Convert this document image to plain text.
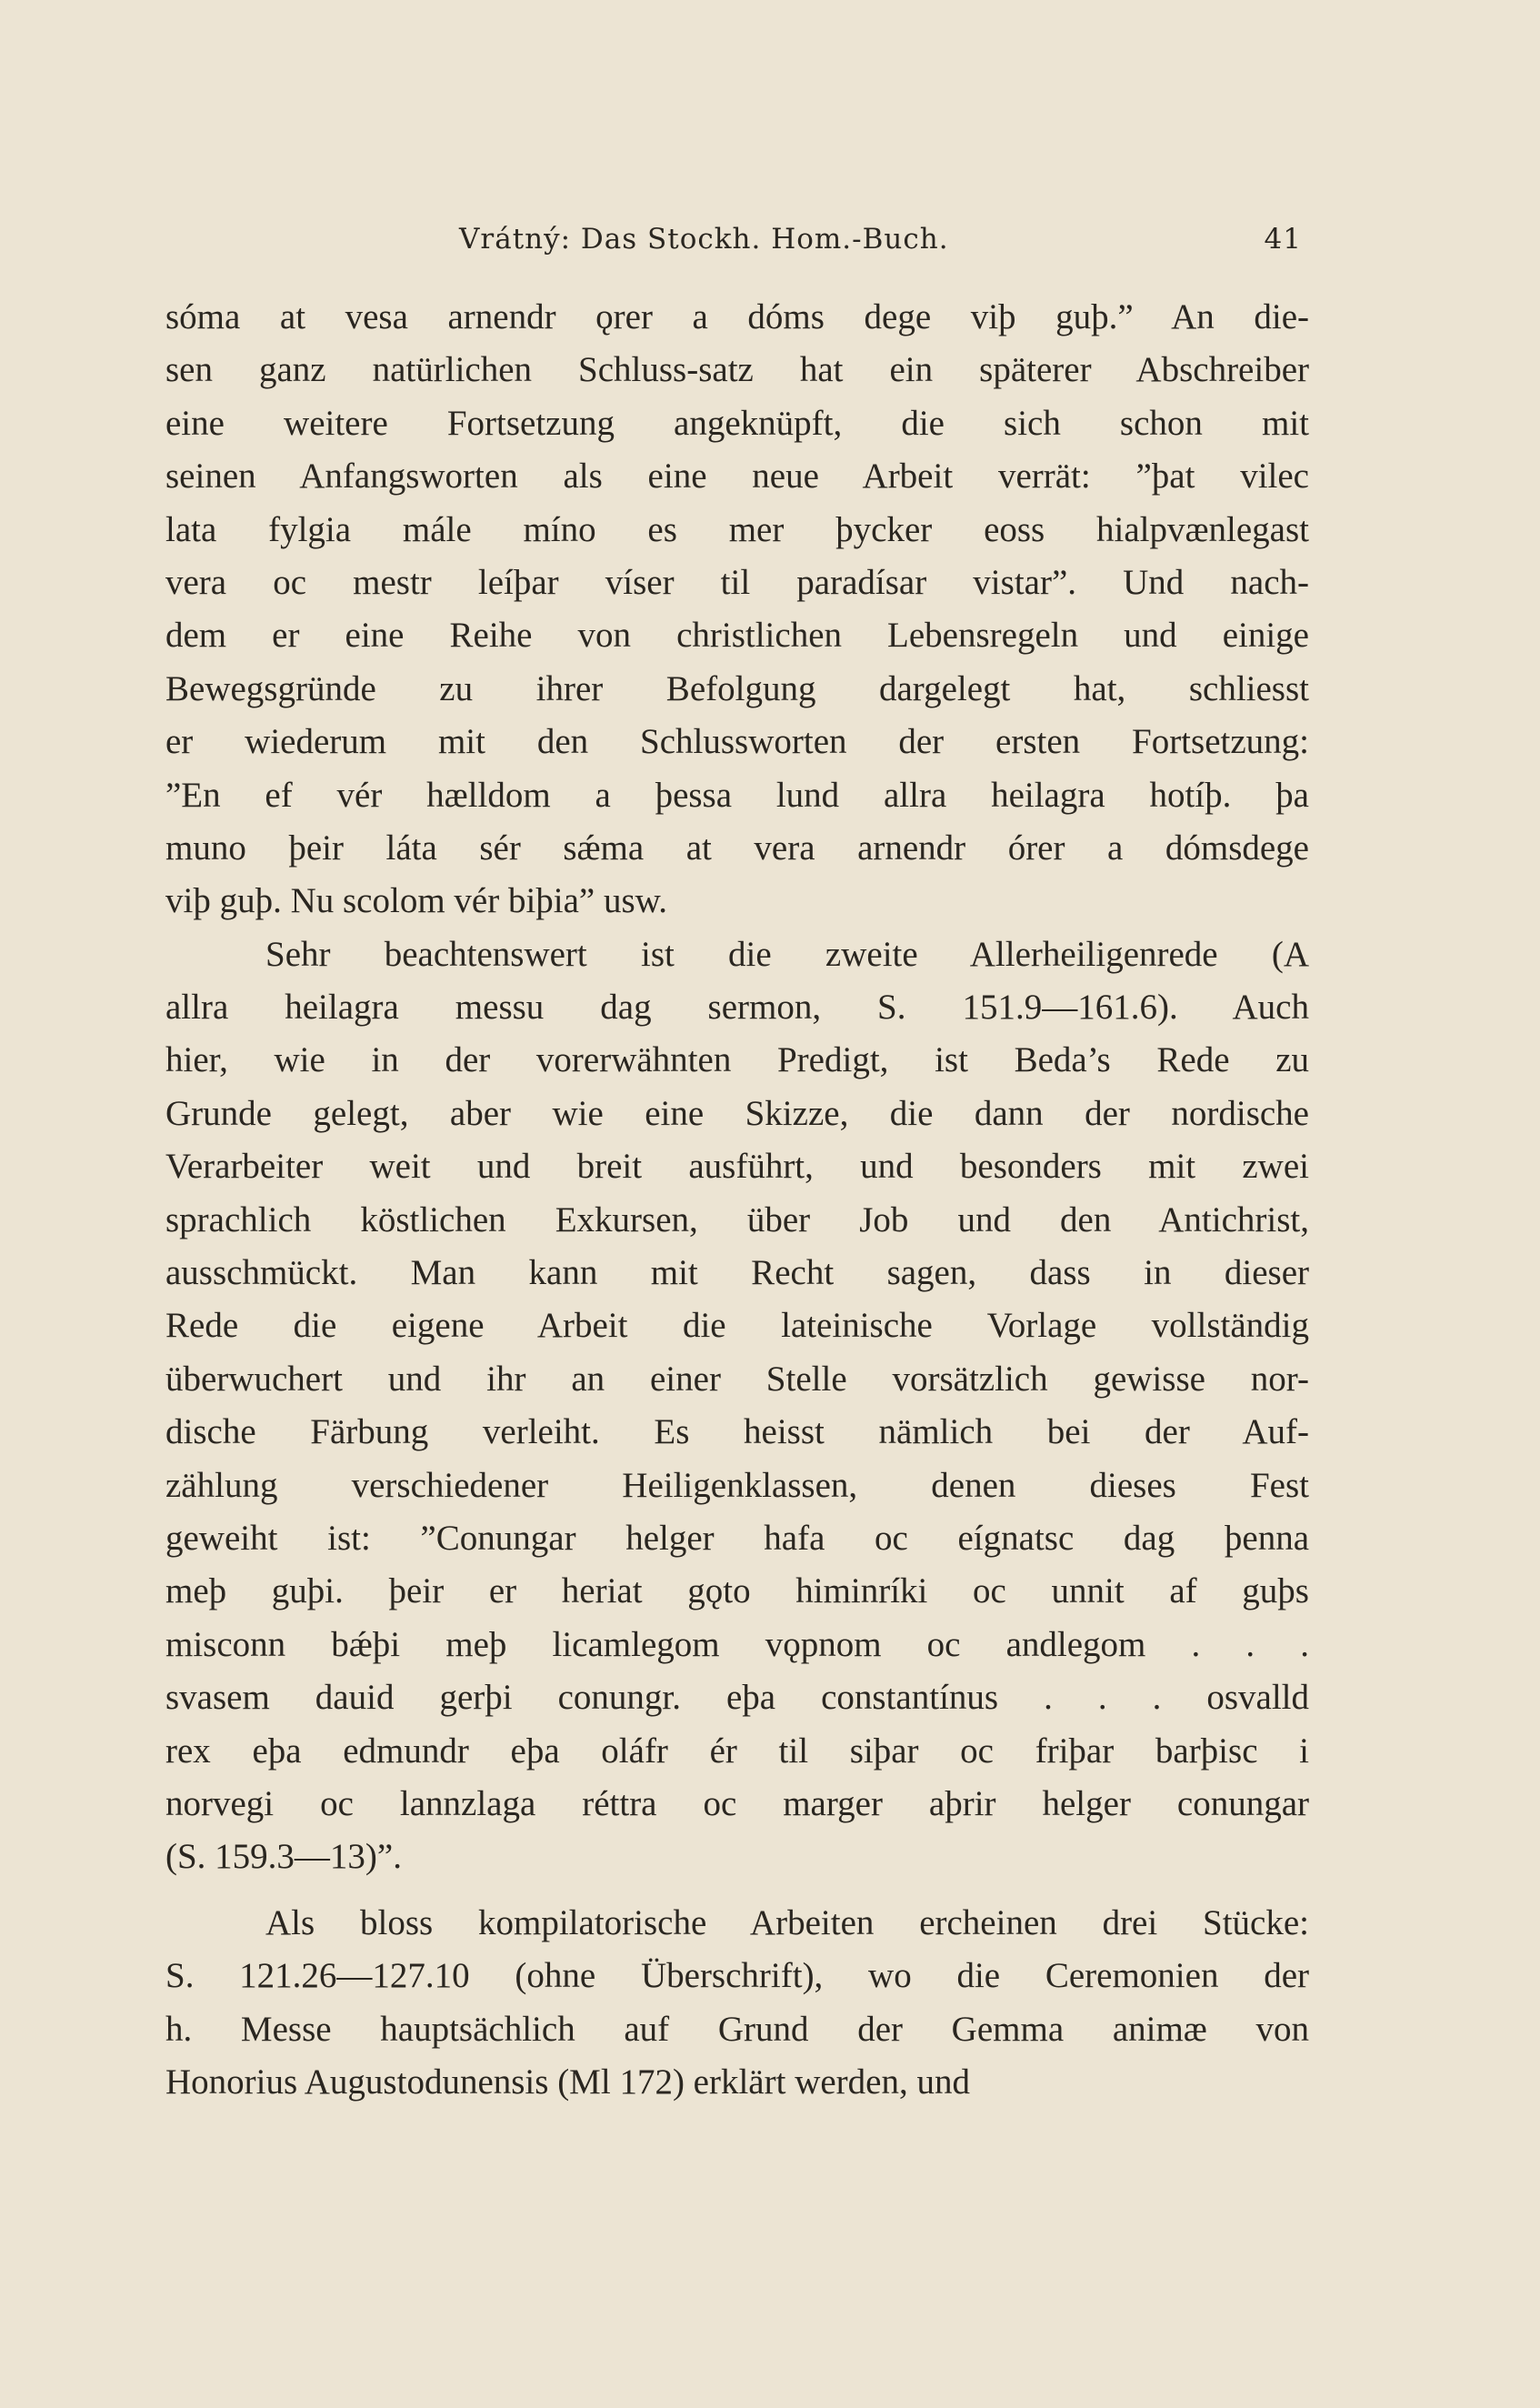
Vrátný: Das Stockh. Hom.-Buch.	41
sóma at vesa arnendr ǫrer a dóms dege viþ guþ.” An die-
sen ganz natürlichen Schluss-satz hat ein späterer Abschreiber
eine weitere Fortsetzung angeknüpft, die sich schon mit
seinen Anfangsworten als eine neue Arbeit verrät: ”þat vilec
lata fylgia mále míno es mer þycker eoss hialpvænlegast
vera oc mestr leíþar víser til paradísar vistar”. Und nach-
dem er eine Reihe von christlichen Lebensregeln und einige
Bewegsgründe zu ihrer Befolgung dargelegt hat, schliesst
er wiederum mit den Schlussworten der ersten Fortsetzung:
”En ef vér hælldom a þessa lund allra heilagra hotíþ. þa
muno þeir láta sér sǽma at vera arnendr órer a dómsdege
viþ guþ. Nu scolom vér biþia” usw.
Sehr beachtenswert ist die zweite Allerheiligenrede (A
allra heilagra messu dag sermon, S. 151.9—161.6). Auch
hier, wie in der vorerwähnten Predigt, ist Beda’s Rede zu
Grunde gelegt, aber wie eine Skizze, die dann der nordische
Verarbeiter weit und breit ausführt, und besonders mit zwei
sprachlich köstlichen Exkursen, über Job und den Antichrist,
ausschmückt. Man kann mit Recht sagen, dass in dieser
Rede die eigene Arbeit die lateinische Vorlage vollständig
überwuchert und ihr an einer Stelle vorsätzlich gewisse nor-
dische Färbung verleiht. Es heisst nämlich bei der Auf-
zählung verschiedener Heiligenklassen, denen dieses Fest
geweiht ist: ”Conungar helger hafa oc eígnatsc dag þenna
meþ guþi. þeir er heriat gǫto himinríki oc unnit af guþs
misconn bǽþi meþ licamlegom vǫpnom oc andlegom . . .
svasem dauid gerþi conungr. eþa constantínus . . . osvalld
rex eþa edmundr eþa oláfr ér til siþar oc friþar barþisc i
norvegi oc lannzlaga réttra oc marger aþrir helger conungar
(S. 159.3—13)”.
Als bloss kompilatorische Arbeiten ercheinen drei Stücke:
S. 121.26—127.10 (ohne Überschrift), wo die Ceremonien der
h. Messe hauptsächlich auf Grund der Gemma animæ von
Honorius Augustodunensis (Ml 172) erklärt werden, und
